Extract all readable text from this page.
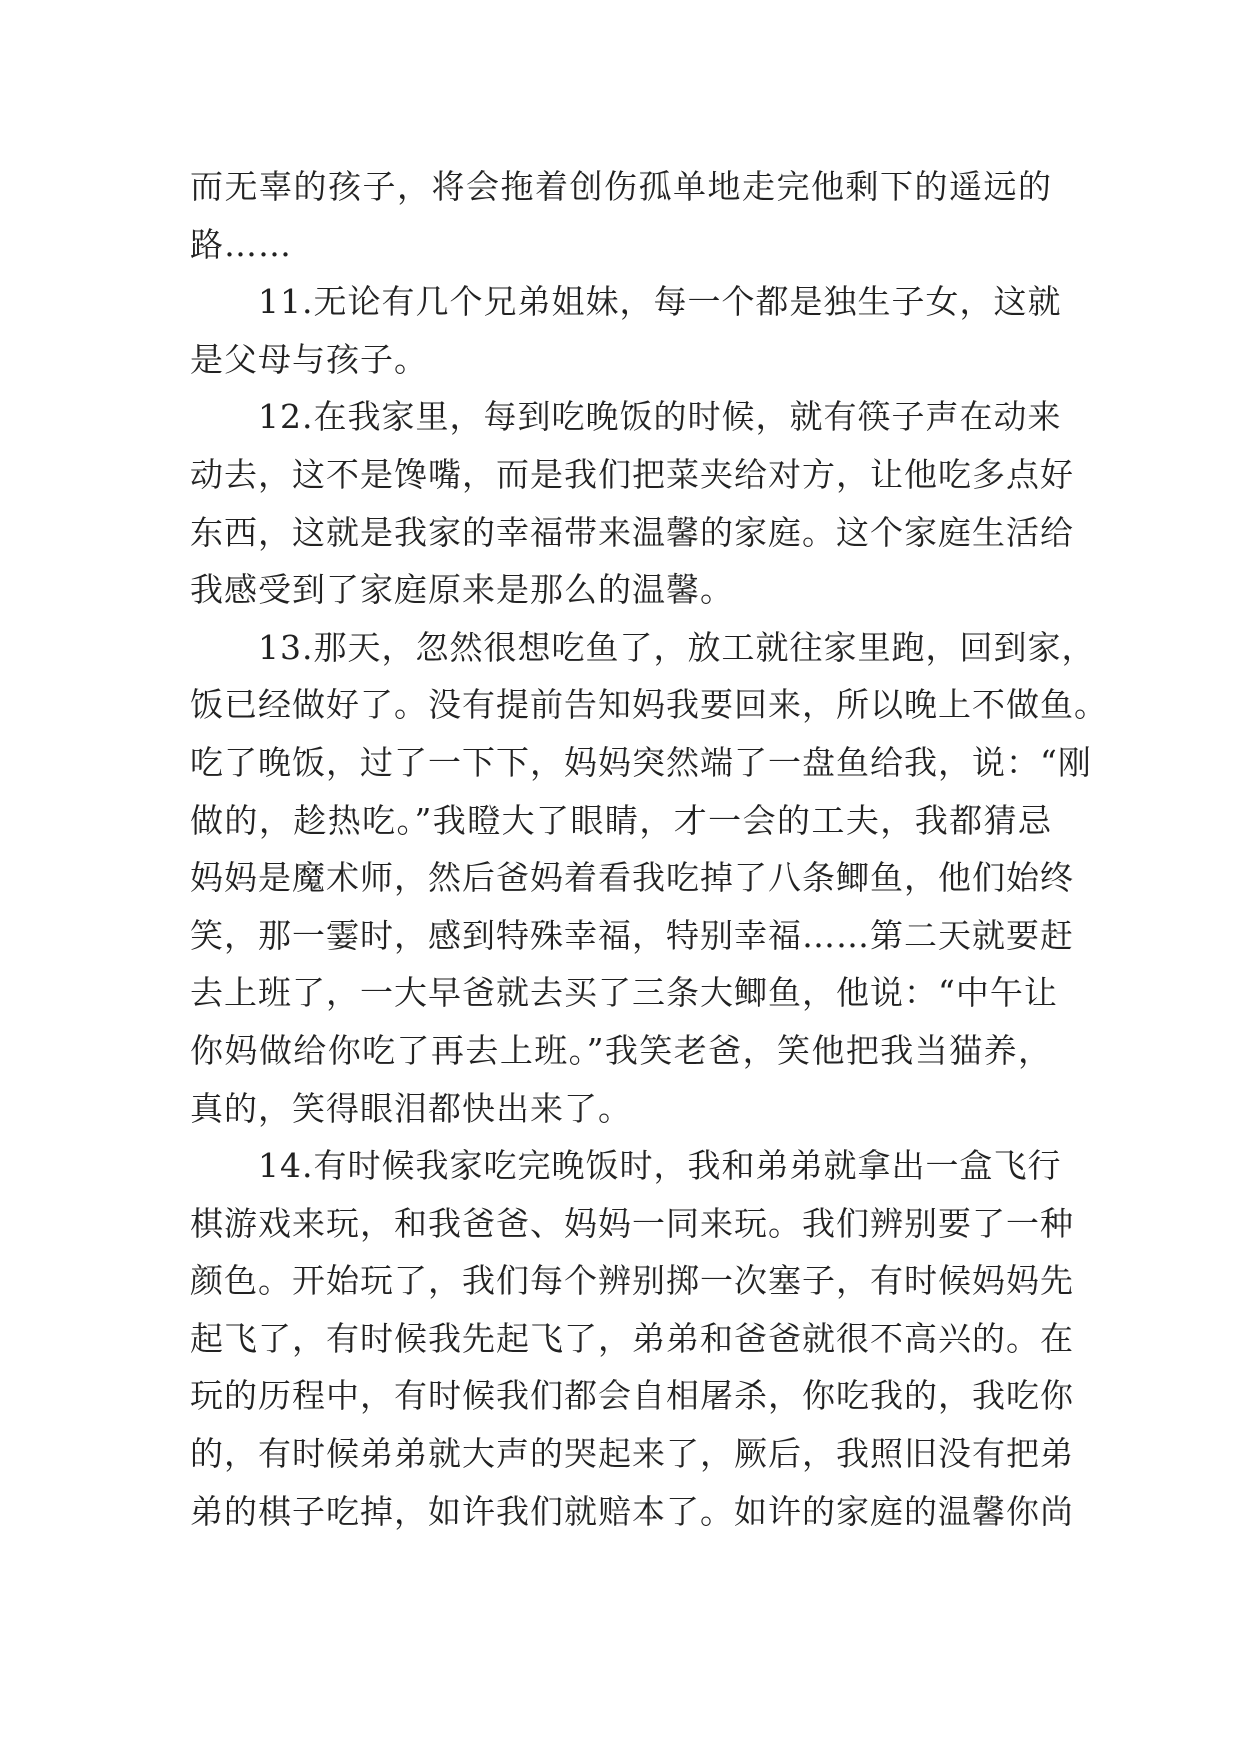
而无辜的孩子，将会拖着创伤孤单地走完他剩下的遥远的
路……
11.无论有几个兄弟姐妹，每一个都是独生子女，这就
是父母与孩子。
12.在我家里，每到吃晚饭的时候，就有筷子声在动来
动去，这不是馋嘴，而是我们把菜夹给对方，让他吃多点好
东西，这就是我家的幸福带来温馨的家庭。这个家庭生活给
我感受到了家庭原来是那么的温馨。
13.那天，忽然很想吃鱼了，放工就往家里跑，回到家，
饭已经做好了。没有提前告知妈我要回来，所以晚上不做鱼。
吃了晚饭，过了一下下，妈妈突然端了一盘鱼给我，说：“刚
做的，趁热吃。”我瞪大了眼睛，才一会的工夫，我都猜忌
妈妈是魔术师，然后爸妈着看我吃掉了八条鲫鱼，他们始终
笑，那一霎时，感到特殊幸福，特别幸福……第二天就要赶
去上班了，一大早爸就去买了三条大鲫鱼，他说：“中午让
你妈做给你吃了再去上班。”我笑老爸，笑他把我当猫养，
真的，笑得眼泪都快出来了。
14.有时候我家吃完晚饭时，我和弟弟就拿出一盒飞行
棋游戏来玩，和我爸爸、妈妈一同来玩。我们辨别要了一种
颜色。开始玩了，我们每个辨别掷一次塞子，有时候妈妈先
起飞了，有时候我先起飞了，弟弟和爸爸就很不高兴的。在
玩的历程中，有时候我们都会自相屠杀，你吃我的，我吃你
的，有时候弟弟就大声的哭起来了，厥后，我照旧没有把弟
弟的棋子吃掉，如许我们就赔本了。如许的家庭的温馨你尚
